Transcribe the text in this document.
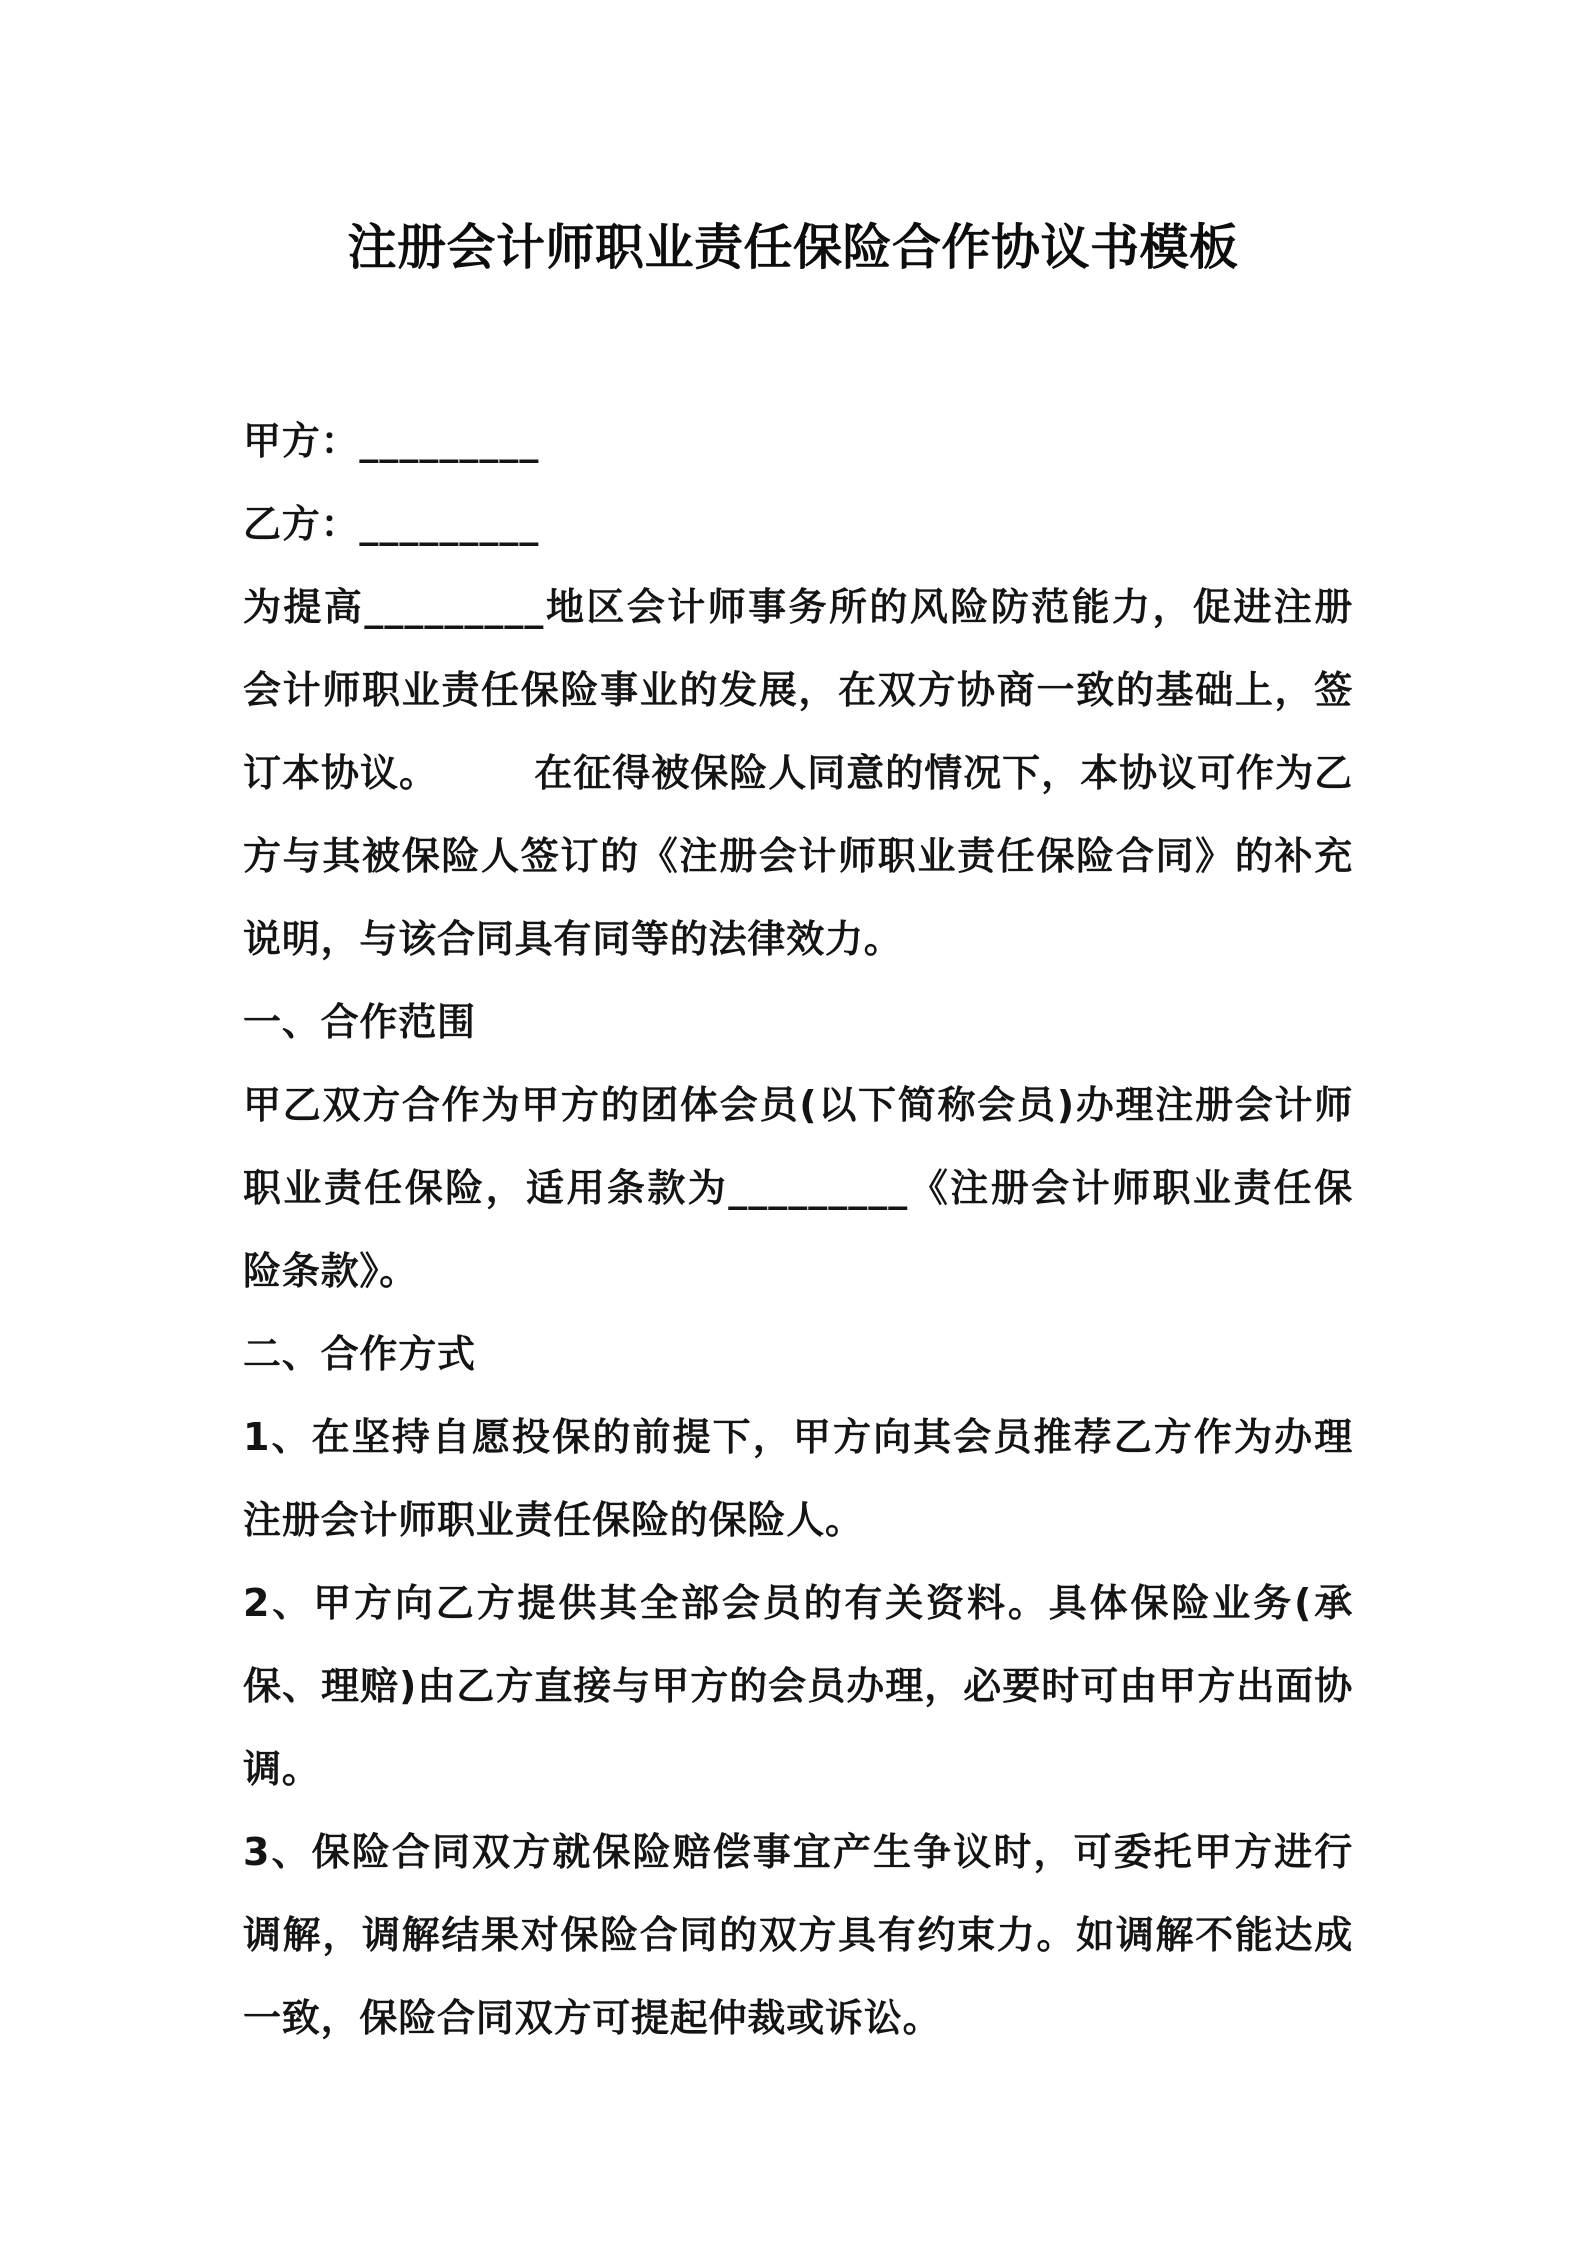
注册会计师职业责任保险合作协议书模板

甲方：_________

乙方：_________

为提高_________地区会计师事务所的风险防范能力，促进注册会计师职业责任保险事业的发展，在双方协商一致的基础上，签订本协议。	在征得被保险人同意的情况下，本协议可作为乙方与其被保险人签订的《注册会计师职业责任保险合同》的补充说明，与该合同具有同等的法律效力。

一、合作范围

甲乙双方合作为甲方的团体会员(以下简称会员)办理注册会计师职业责任保险，适用条款为_________《注册会计师职业责任保险条款》。

二、合作方式

1、在坚持自愿投保的前提下，甲方向其会员推荐乙方作为办理注册会计师职业责任保险的保险人。

2、甲方向乙方提供其全部会员的有关资料。具体保险业务(承保、理赔)由乙方直接与甲方的会员办理，必要时可由甲方出面协调。

3、保险合同双方就保险赔偿事宜产生争议时，可委托甲方进行调解，调解结果对保险合同的双方具有约束力。如调解不能达成一致，保险合同双方可提起仲裁或诉讼。
